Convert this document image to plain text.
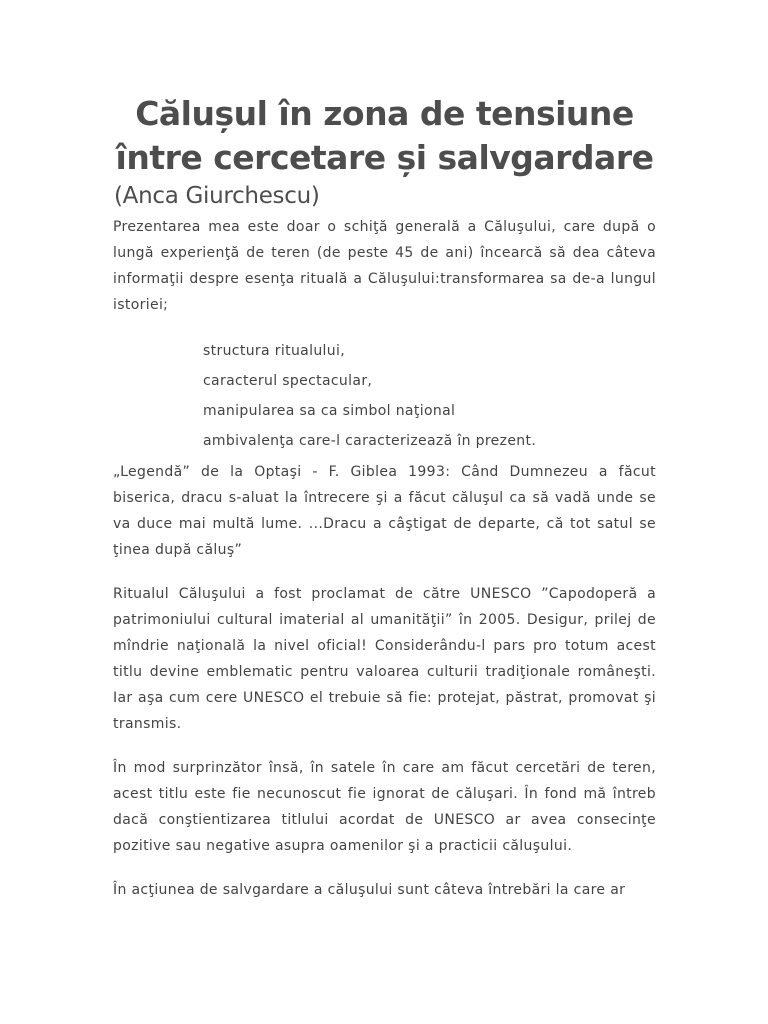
Călușul în zona de tensiune între cercetare și salvgardare
(Anca Giurchescu)

Prezentarea mea este doar o schiţă generală a Căluşului, care după o lungă experienţă de teren (de peste 45 de ani) încearcă să dea câteva informaţii despre esenţa rituală a Căluşului:transformarea sa de-a lungul istoriei;

structura ritualului,
caracterul spectacular,
manipularea sa ca simbol naţional
ambivalenţa care-l caracterizează în prezent.

„Legendă” de la Optaşi - F. Giblea 1993: Când Dumnezeu a făcut biserica, dracu s-aluat la întrecere şi a făcut căluşul ca să vadă unde se va duce mai multă lume. ...Dracu a câştigat de departe, că tot satul se ţinea după căluş”

Ritualul Căluşului a fost proclamat de către UNESCO ”Capodoperă a patrimoniului cultural imaterial al umanităţii” în 2005. Desigur, prilej de mîndrie naţională la nivel oficial! Considerându-l pars pro totum acest titlu devine emblematic pentru valoarea culturii tradiţionale româneşti. Iar aşa cum cere UNESCO el trebuie să fie: protejat, păstrat, promovat şi transmis.

În mod surprinzător însă, în satele în care am făcut cercetări de teren, acest titlu este fie necunoscut fie ignorat de căluşari. În fond mă întreb dacă conştientizarea titlului acordat de UNESCO ar avea consecinţe pozitive sau negative asupra oamenilor şi a practicii căluşului.

În acţiunea de salvgardare a căluşului sunt câteva întrebări la care ar
